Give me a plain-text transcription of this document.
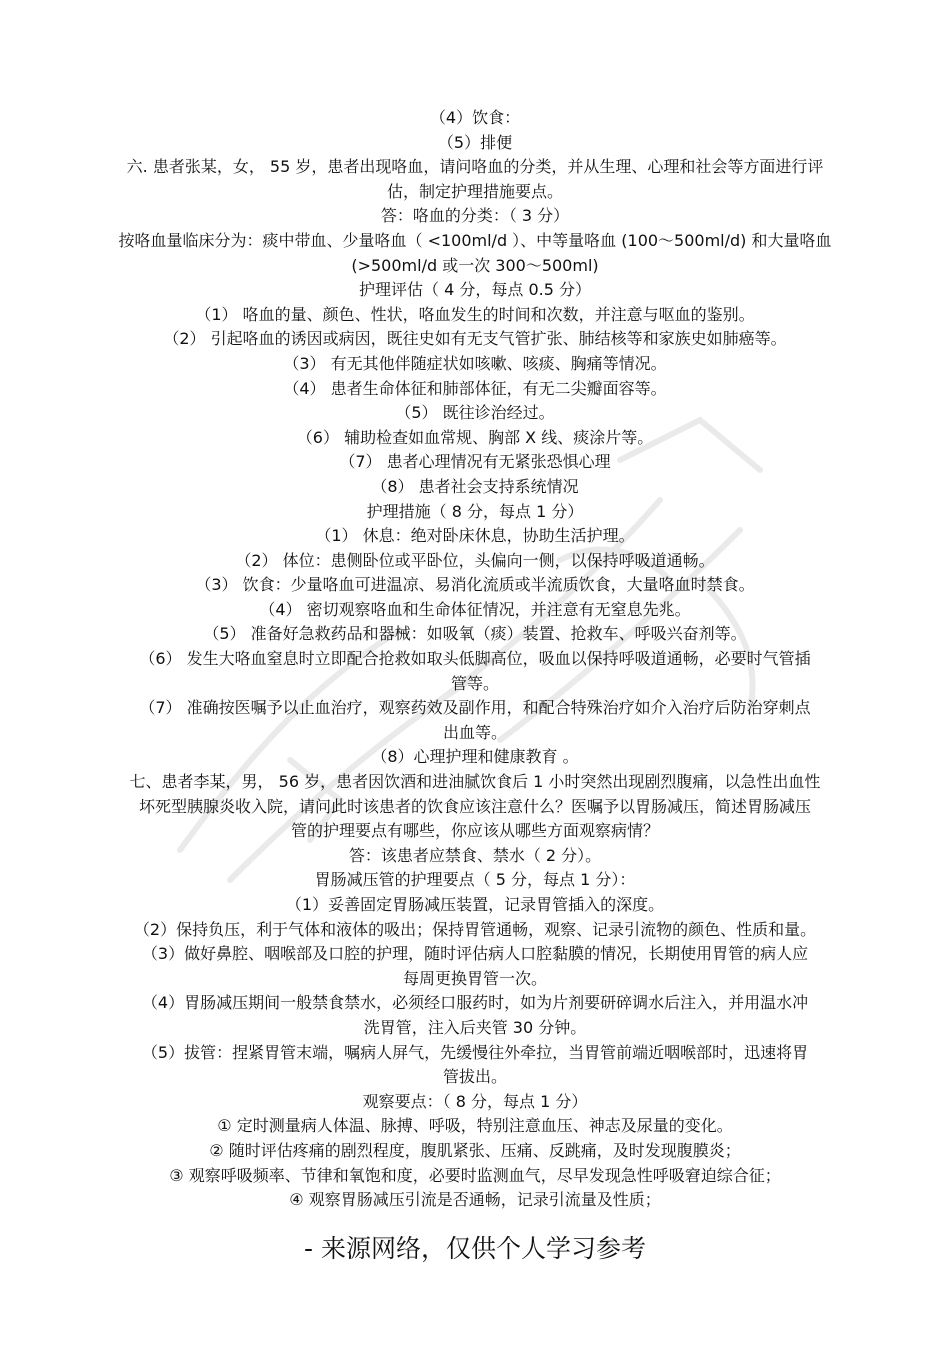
（4）饮食：
（5）排便
六. 患者张某，女， 55 岁，患者出现咯血，请问咯血的分类，并从生理、心理和社会等方面进行评
估，制定护理措施要点。
答：咯血的分类：（ 3 分）
按咯血量临床分为：痰中带血、少量咯血（ <100ml/d ）、中等量咯血 (100～500ml/d) 和大量咯血
(>500ml/d 或一次 300～500ml)
护理评估（ 4 分，每点 0.5 分）
（1） 咯血的量、颜色、性状，咯血发生的时间和次数，并注意与呕血的鉴别。
（2） 引起咯血的诱因或病因，既往史如有无支气管扩张、肺结核等和家族史如肺癌等。
（3） 有无其他伴随症状如咳嗽、咳痰、胸痛等情况。
（4） 患者生命体征和肺部体征，有无二尖瓣面容等。
（5） 既往诊治经过。
（6） 辅助检查如血常规、胸部 X 线、痰涂片等。
（7） 患者心理情况有无紧张恐惧心理
（8） 患者社会支持系统情况
护理措施（ 8 分，每点 1 分）
（1） 休息：绝对卧床休息，协助生活护理。
（2） 体位：患侧卧位或平卧位，头偏向一侧，以保持呼吸道通畅。
（3） 饮食：少量咯血可进温凉、易消化流质或半流质饮食，大量咯血时禁食。
（4） 密切观察咯血和生命体征情况，并注意有无窒息先兆。
（5） 准备好急救药品和器械：如吸氧（痰）装置、抢救车、呼吸兴奋剂等。
（6） 发生大咯血窒息时立即配合抢救如取头低脚高位，吸血以保持呼吸道通畅，必要时气管插
管等。
（7） 准确按医嘱予以止血治疗，观察药效及副作用，和配合特殊治疗如介入治疗后防治穿刺点
出血等。
（8）心理护理和健康教育 。
七、患者李某，男， 56 岁，患者因饮酒和进油腻饮食后 1 小时突然出现剧烈腹痛，以急性出血性
坏死型胰腺炎收入院，请问此时该患者的饮食应该注意什么？医嘱予以胃肠减压，简述胃肠减压
管的护理要点有哪些，你应该从哪些方面观察病情？
答：该患者应禁食、禁水（ 2 分）。
胃肠减压管的护理要点（ 5 分，每点 1 分）：
（1）妥善固定胃肠减压装置，记录胃管插入的深度。
（2）保持负压，利于气体和液体的吸出；保持胃管通畅，观察、记录引流物的颜色、性质和量。
（3）做好鼻腔、咽喉部及口腔的护理，随时评估病人口腔黏膜的情况，长期使用胃管的病人应
每周更换胃管一次。
（4）胃肠减压期间一般禁食禁水，必须经口服药时，如为片剂要研碎调水后注入，并用温水冲
洗胃管，注入后夹管 30 分钟。
（5）拔管：捏紧胃管末端，嘱病人屏气，先缓慢往外牵拉，当胃管前端近咽喉部时，迅速将胃
管拔出。
观察要点：（ 8 分，每点 1 分）
① 定时测量病人体温、脉搏、呼吸，特别注意血压、神志及尿量的变化。
② 随时评估疼痛的剧烈程度，腹肌紧张、压痛、反跳痛，及时发现腹膜炎；
③ 观察呼吸频率、节律和氧饱和度，必要时监测血气，尽早发现急性呼吸窘迫综合征；
④ 观察胃肠减压引流是否通畅，记录引流量及性质；
- 来源网络，仅供个人学习参考
